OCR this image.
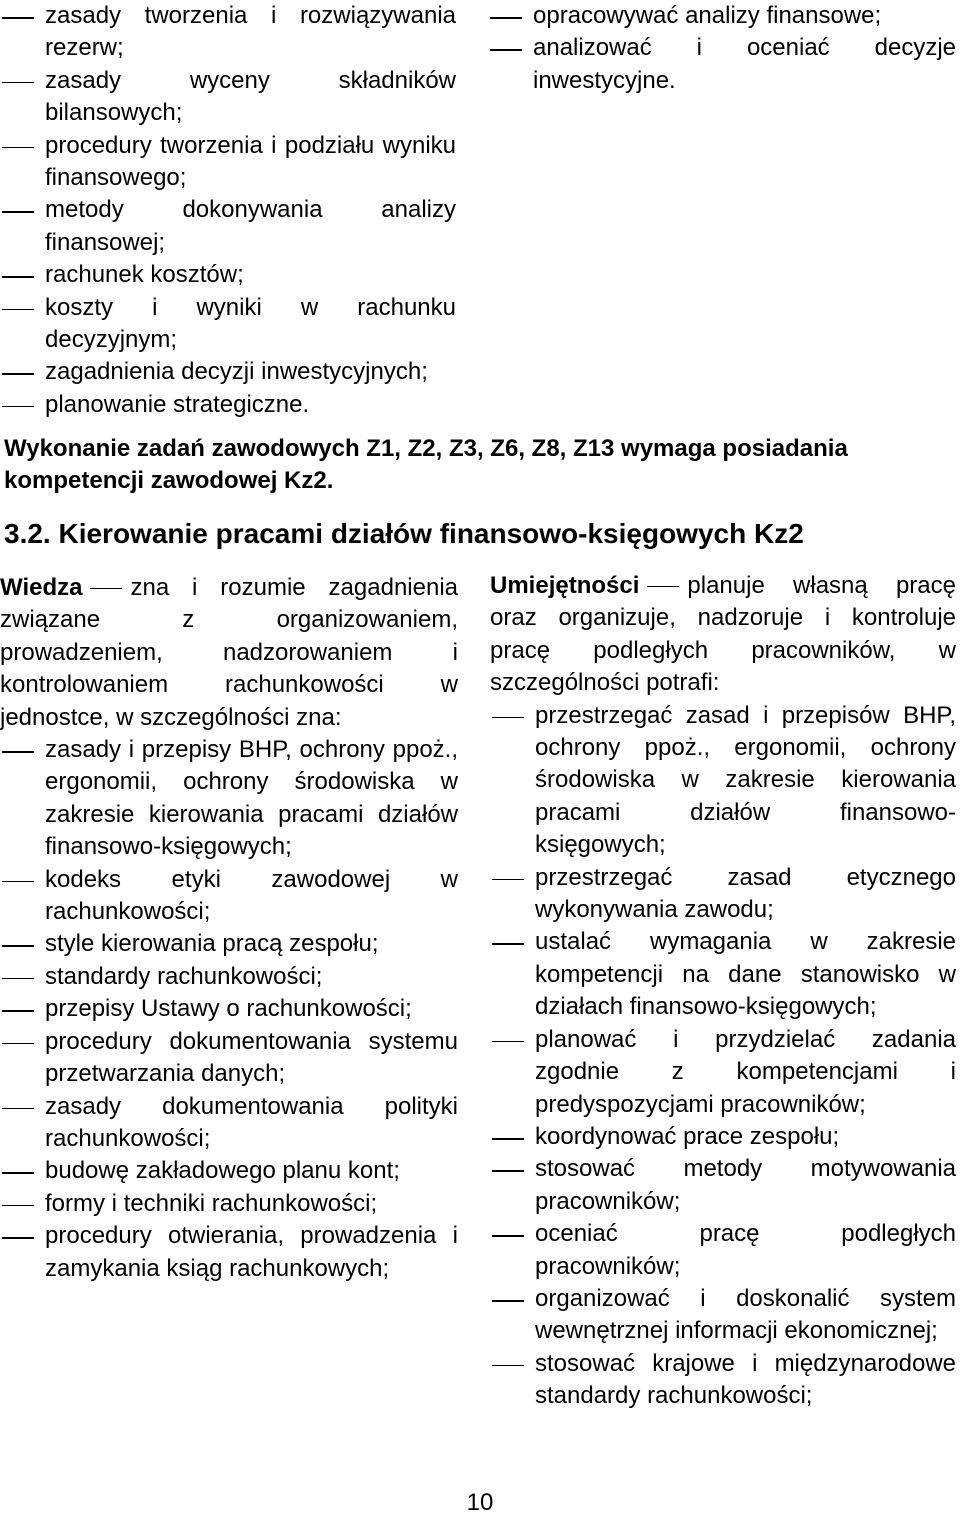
zasady tworzenia i rozwiązywania rezerw;
zasady wyceny składników bilansowych;
procedury tworzenia i podziału wyniku finansowego;
metody dokonywania analizy finansowej;
rachunek kosztów;
koszty i wyniki w rachunku decyzyjnym;
zagadnienia decyzji inwestycyjnych;
planowanie strategiczne.
opracowywać analizy finansowe;
analizować i oceniać decyzje inwestycyjne.
Wykonanie zadań zawodowych Z1, Z2, Z3, Z6, Z8, Z13 wymaga posiadania kompetencji zawodowej Kz2.
3.2. Kierowanie pracami działów finansowo-księgowych Kz2

Wiedza zna i rozumie zagadnienia związane z organizowaniem, prowadzeniem, nadzorowaniem i kontrolowaniem rachunkowości w jednostce, w szczególności zna:

zasady i przepisy BHP, ochrony ppoż., ergonomii, ochrony środowiska w zakresie kierowania pracami działów finansowo-księgowych;
kodeks etyki zawodowej w rachunkowości;
style kierowania pracą zespołu;
standardy rachunkowości;
przepisy Ustawy o rachunkowości;
procedury dokumentowania systemu przetwarzania danych;
zasady dokumentowania polityki rachunkowości;
budowę zakładowego planu kont;
formy i techniki rachunkowości;
procedury otwierania, prowadzenia i zamykania ksiąg rachunkowych;

Umiejętności planuje własną pracę oraz organizuje, nadzoruje i kontroluje pracę podległych pracowników, w szczególności potrafi:

przestrzegać zasad i przepisów BHP, ochrony ppoż., ergonomii, ochrony środowiska w zakresie kierowania pracami działów finansowo-księgowych;
przestrzegać zasad etycznego wykonywania zawodu;
ustalać wymagania w zakresie kompetencji na dane stanowisko w działach finansowo-księgowych;
planować i przydzielać zadania zgodnie z kompetencjami i predyspozycjami pracowników;
koordynować prace zespołu;
stosować metody motywowania pracowników;
oceniać pracę podległych pracowników;
organizować i doskonalić system wewnętrznej informacji ekonomicznej;
stosować krajowe i międzynarodowe standardy rachunkowości;
10
